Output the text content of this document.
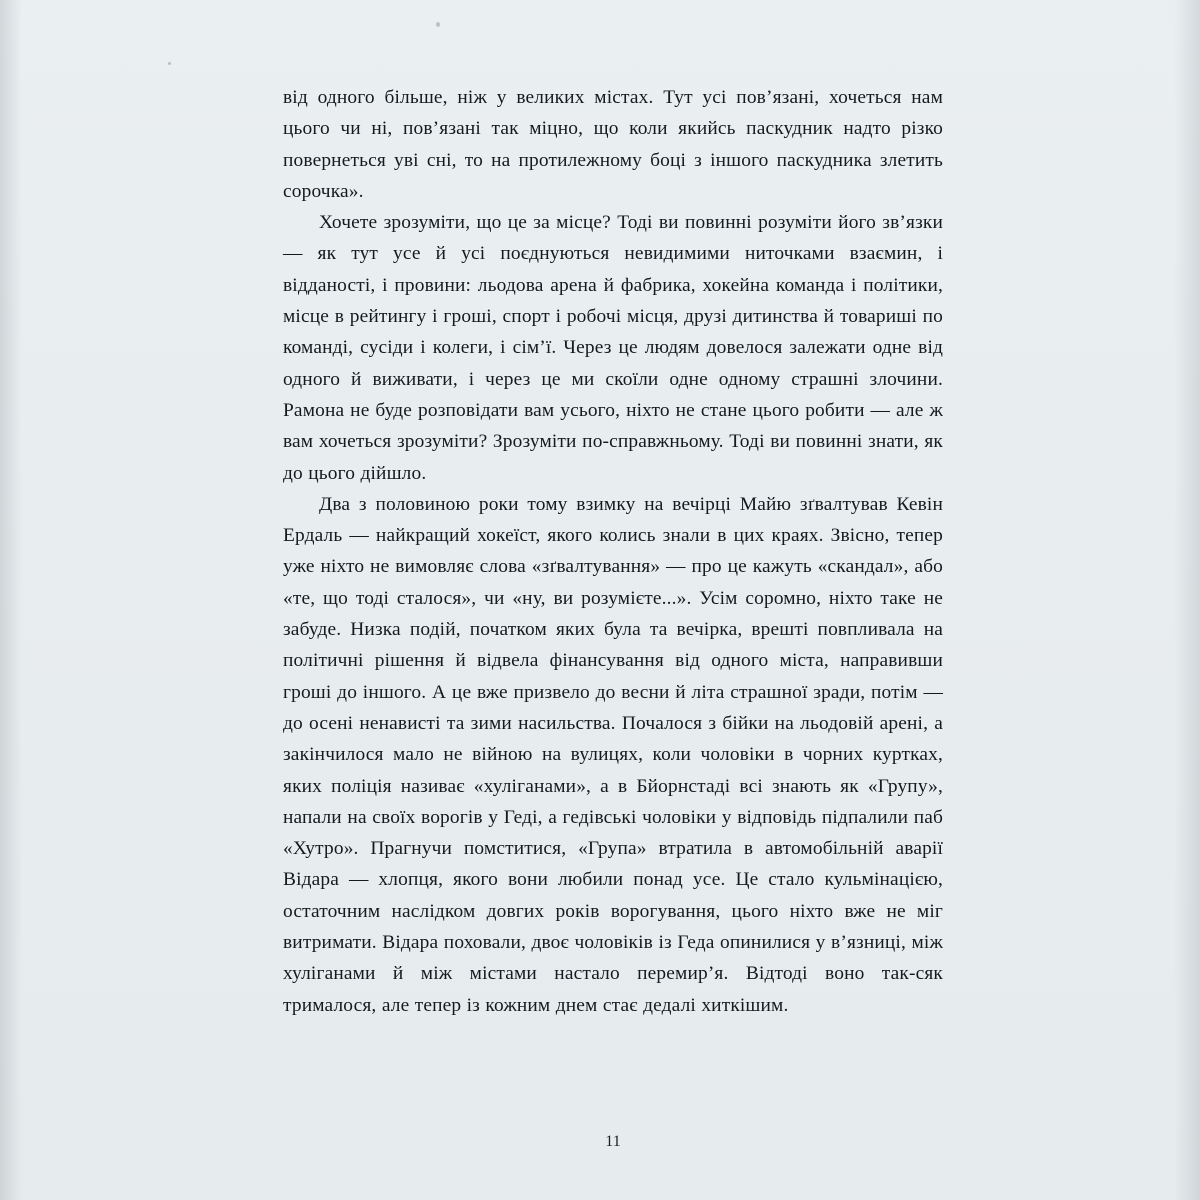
від одного більше, ніж у великих містах. Тут усі пов’язані, хочеться нам цього чи ні, пов’язані так міцно, що коли якийсь паскудник надто різко повернеться уві сні, то на протилежному боці з іншого паскудника злетить сорочка».

Хочете зрозуміти, що це за місце? Тоді ви повинні розуміти його зв’язки — як тут усе й усі поєднуються невидимими ниточками взаємин, і відданості, і провини: льодова арена й фабрика, хокейна команда і політики, місце в рейтингу і гроші, спорт і робочі місця, друзі дитинства й товариші по команді, сусіди і колеги, і сім’ї. Через це людям довелося залежати одне від одного й виживати, і через це ми скоїли одне одному страшні злочини. Рамона не буде розповідати вам усього, ніхто не стане цього робити — але ж вам хочеться зрозуміти? Зрозуміти по-справжньому. Тоді ви повинні знати, як до цього дійшло.

Два з половиною роки тому взимку на вечірці Майю зґвалтував Кевін Ердаль — найкращий хокеїст, якого колись знали в цих краях. Звісно, тепер уже ніхто не вимовляє слова «зґвалтування» — про це кажуть «скандал», або «те, що тоді сталося», чи «ну, ви розумієте...». Усім соромно, ніхто таке не забуде. Низка подій, початком яких була та вечірка, врешті повпливала на політичні рішення й відвела фінансування від одного міста, направивши гроші до іншого. А це вже призвело до весни й літа страшної зради, потім — до осені ненависті та зими насильства. Почалося з бійки на льодовій арені, а закінчилося мало не війною на вулицях, коли чоловіки в чорних куртках, яких поліція називає «хуліганами», а в Бйорнстаді всі знають як «Групу», напали на своїх ворогів у Геді, а гедівські чоловіки у відповідь підпалили паб «Хутро». Прагнучи помститися, «Група» втратила в автомобільній аварії Відара — хлопця, якого вони любили понад усе. Це стало кульмінацією, остаточним наслідком довгих років ворогування, цього ніхто вже не міг витримати. Відара поховали, двоє чоловіків із Геда опинилися у в’язниці, між хуліганами й між містами настало перемир’я. Відтоді воно так-сяк трималося, але тепер із кожним днем стає дедалі хиткішим.

11
